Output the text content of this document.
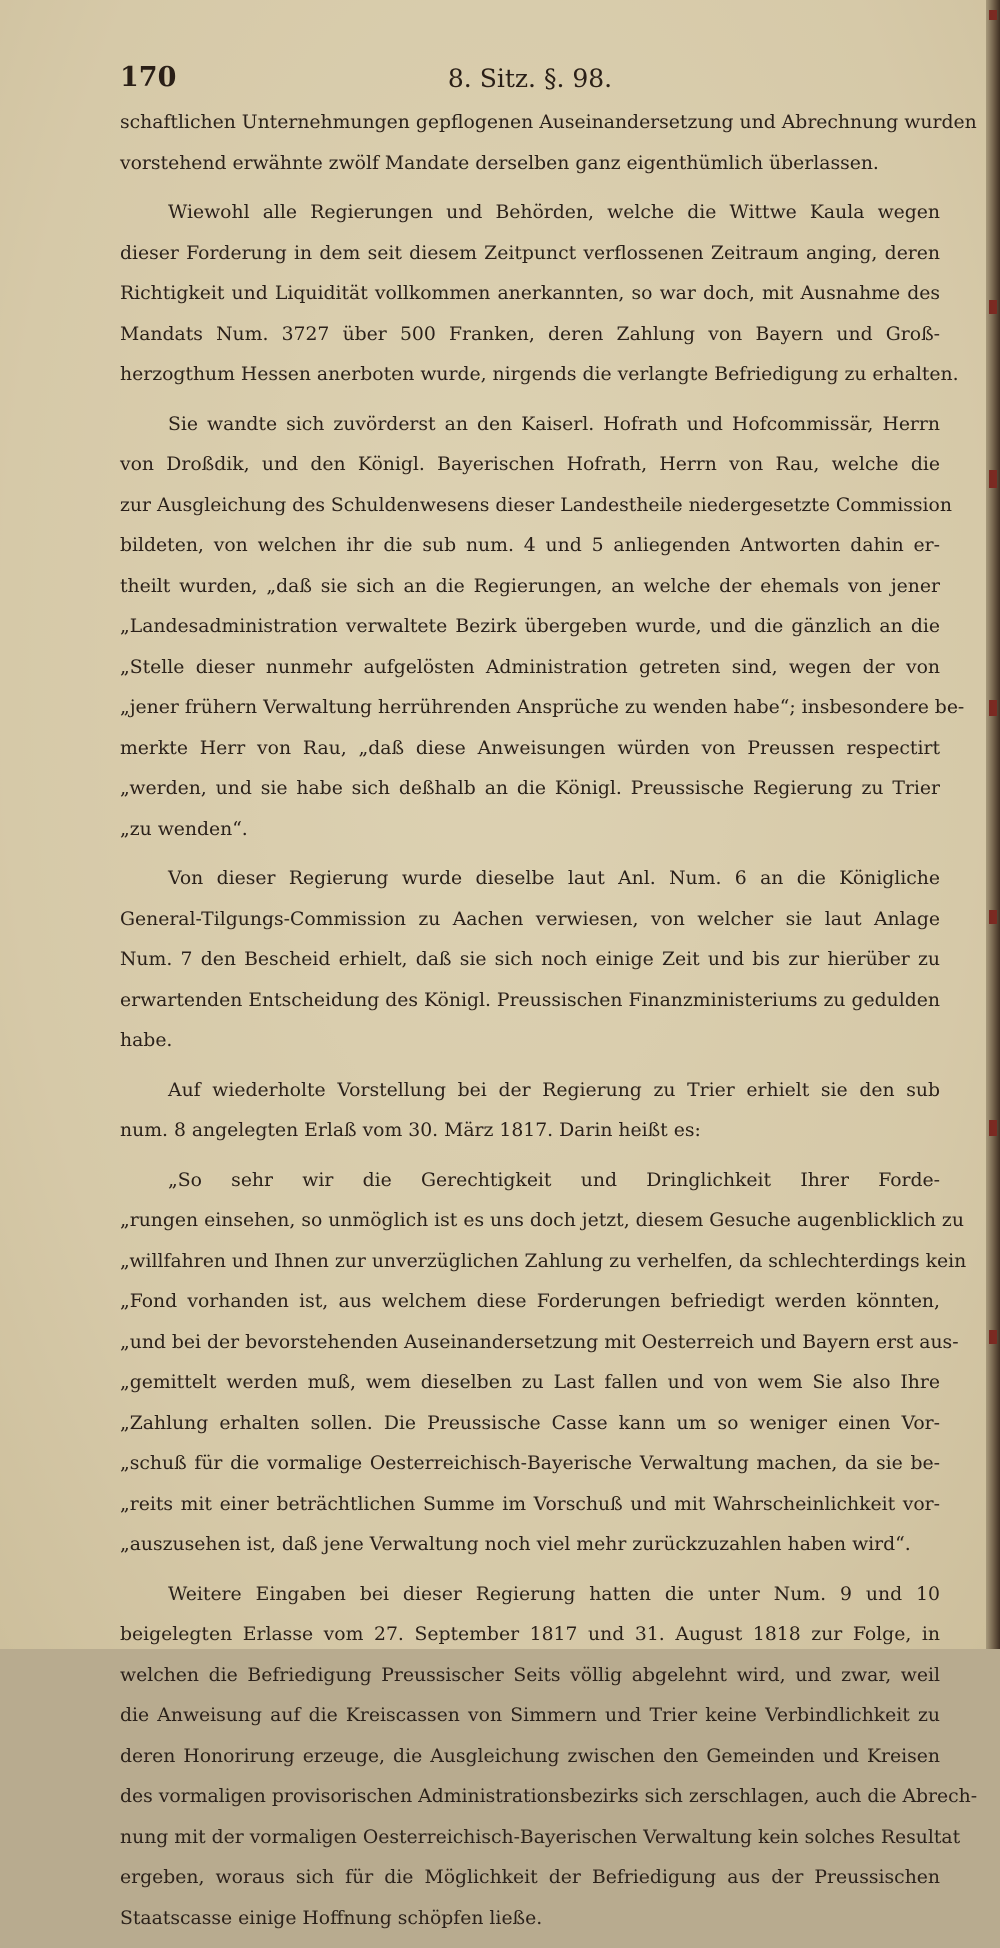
170	8. Sitz. §. 98.
schaftlichen Unternehmungen gepflogenen Auseinandersetzung und Abrechnung wurden
vorstehend erwähnte zwölf Mandate derselben ganz eigenthümlich überlassen.
Wiewohl alle Regierungen und Behörden, welche die Wittwe Kaula wegen
dieser Forderung in dem seit diesem Zeitpunct verflossenen Zeitraum anging, deren
Richtigkeit und Liquidität vollkommen anerkannten, so war doch, mit Ausnahme des
Mandats Num. 3727 über 500 Franken, deren Zahlung von Bayern und Groß-
herzogthum Hessen anerboten wurde, nirgends die verlangte Befriedigung zu erhalten.
Sie wandte sich zuvörderst an den Kaiserl. Hofrath und Hofcommissär, Herrn
von Droßdik, und den Königl. Bayerischen Hofrath, Herrn von Rau, welche die
zur Ausgleichung des Schuldenwesens dieser Landestheile niedergesetzte Commission
bildeten, von welchen ihr die sub num. 4 und 5 anliegenden Antworten dahin er-
theilt wurden, „daß sie sich an die Regierungen, an welche der ehemals von jener
„Landesadministration verwaltete Bezirk übergeben wurde, und die gänzlich an die
„Stelle dieser nunmehr aufgelösten Administration getreten sind, wegen der von
„jener frühern Verwaltung herrührenden Ansprüche zu wenden habe“; insbesondere be-
merkte Herr von Rau, „daß diese Anweisungen würden von Preussen respectirt
„werden, und sie habe sich deßhalb an die Königl. Preussische Regierung zu Trier
„zu wenden“.
Von dieser Regierung wurde dieselbe laut Anl. Num. 6 an die Königliche
General-Tilgungs-Commission zu Aachen verwiesen, von welcher sie laut Anlage
Num. 7 den Bescheid erhielt, daß sie sich noch einige Zeit und bis zur hierüber zu
erwartenden Entscheidung des Königl. Preussischen Finanzministeriums zu gedulden
habe.
Auf wiederholte Vorstellung bei der Regierung zu Trier erhielt sie den sub
num. 8 angelegten Erlaß vom 30. März 1817. Darin heißt es:
„So sehr wir die Gerechtigkeit und Dringlichkeit Ihrer Forde-
„rungen einsehen, so unmöglich ist es uns doch jetzt, diesem Gesuche augenblicklich zu
„willfahren und Ihnen zur unverzüglichen Zahlung zu verhelfen, da schlechterdings kein
„Fond vorhanden ist, aus welchem diese Forderungen befriedigt werden könnten,
„und bei der bevorstehenden Auseinandersetzung mit Oesterreich und Bayern erst aus-
„gemittelt werden muß, wem dieselben zu Last fallen und von wem Sie also Ihre
„Zahlung erhalten sollen. Die Preussische Casse kann um so weniger einen Vor-
„schuß für die vormalige Oesterreichisch-Bayerische Verwaltung machen, da sie be-
„reits mit einer beträchtlichen Summe im Vorschuß und mit Wahrscheinlichkeit vor-
„auszusehen ist, daß jene Verwaltung noch viel mehr zurückzuzahlen haben wird“.
Weitere Eingaben bei dieser Regierung hatten die unter Num. 9 und 10
beigelegten Erlasse vom 27. September 1817 und 31. August 1818 zur Folge, in
welchen die Befriedigung Preussischer Seits völlig abgelehnt wird, und zwar, weil
die Anweisung auf die Kreiscassen von Simmern und Trier keine Verbindlichkeit zu
deren Honorirung erzeuge, die Ausgleichung zwischen den Gemeinden und Kreisen
des vormaligen provisorischen Administrationsbezirks sich zerschlagen, auch die Abrech-
nung mit der vormaligen Oesterreichisch-Bayerischen Verwaltung kein solches Resultat
ergeben, woraus sich für die Möglichkeit der Befriedigung aus der Preussischen
Staatscasse einige Hoffnung schöpfen ließe.
